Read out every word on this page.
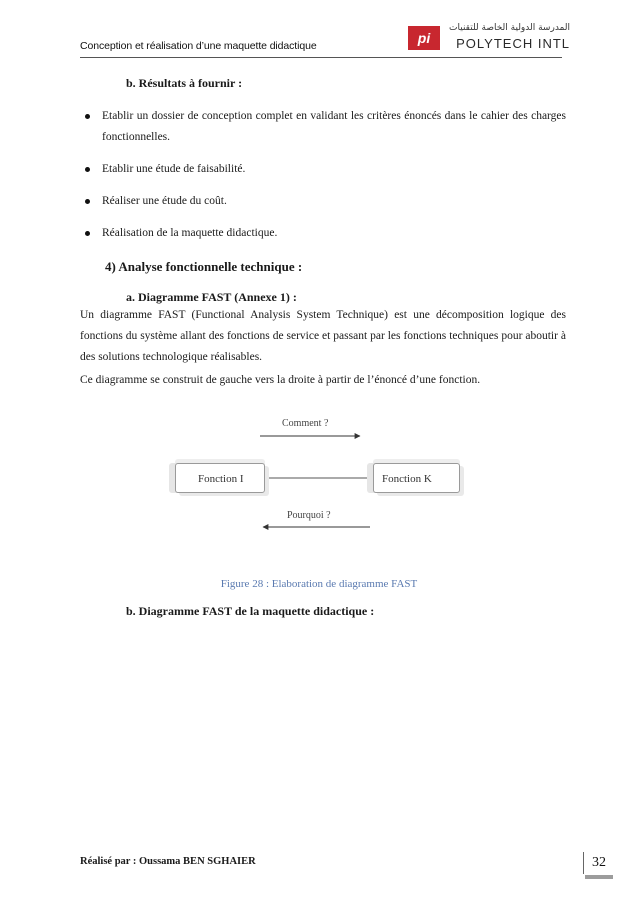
Conception et réalisation d’une maquette didactique	pi
المدرسة الدولية الخاصة للتقنيات
POLYTECH INTL
b. Résultats à fournir :
Etablir un dossier de conception complet en validant les critères énoncés dans le cahier des charges fonctionnelles.
Etablir une étude de faisabilité.
Réaliser une étude du coût.
Réalisation de la maquette didactique.
4) Analyse fonctionnelle technique :
a. Diagramme FAST (Annexe 1) :
Un diagramme FAST (Functional Analysis System Technique) est une décomposition logique des fonctions du système allant des fonctions de service et passant par les fonctions techniques pour aboutir à des solutions technologique réalisables.
Ce diagramme se construit de gauche vers la droite à partir de l’énoncé d’une fonction.
Comment ?
Fonction I	Fonction K
Pourquoi ?
Figure 28 : Elaboration de diagramme FAST
b. Diagramme FAST de la maquette didactique :
Réalisé par : Oussama BEN SGHAIER	32
